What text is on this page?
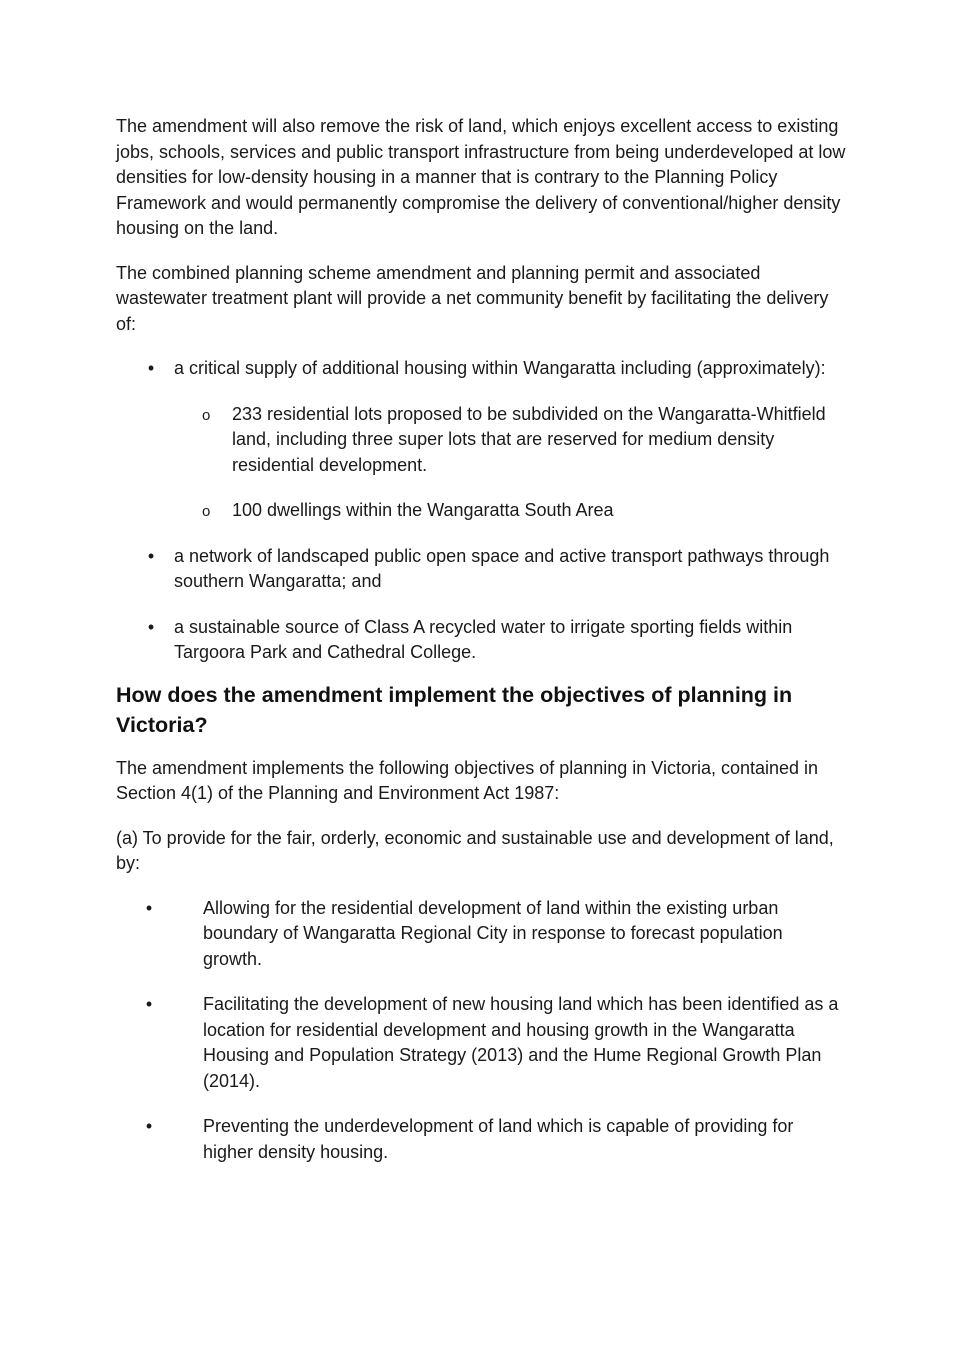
The amendment will also remove the risk of land, which enjoys excellent access to existing jobs, schools, services and public transport infrastructure from being underdeveloped at low densities for low-density housing in a manner that is contrary to the Planning Policy Framework and would permanently compromise the delivery of conventional/higher density housing on the land.

The combined planning scheme amendment and planning permit and associated wastewater treatment plant will provide a net community benefit by facilitating the delivery of:

• a critical supply of additional housing within Wangaratta including (approximately):
o 233 residential lots proposed to be subdivided on the Wangaratta-Whitfield land, including three super lots that are reserved for medium density residential development.
o 100 dwellings within the Wangaratta South Area
• a network of landscaped public open space and active transport pathways through southern Wangaratta; and
• a sustainable source of Class A recycled water to irrigate sporting fields within Targoora Park and Cathedral College.
How does the amendment implement the objectives of planning in Victoria?

The amendment implements the following objectives of planning in Victoria, contained in Section 4(1) of the Planning and Environment Act 1987:

(a) To provide for the fair, orderly, economic and sustainable use and development of land, by:

•	Allowing for the residential development of land within the existing urban boundary of Wangaratta Regional City in response to forecast population growth.
•	Facilitating the development of new housing land which has been identified as a location for residential development and housing growth in the Wangaratta Housing and Population Strategy (2013) and the Hume Regional Growth Plan (2014).
•	Preventing the underdevelopment of land which is capable of providing for higher density housing.
